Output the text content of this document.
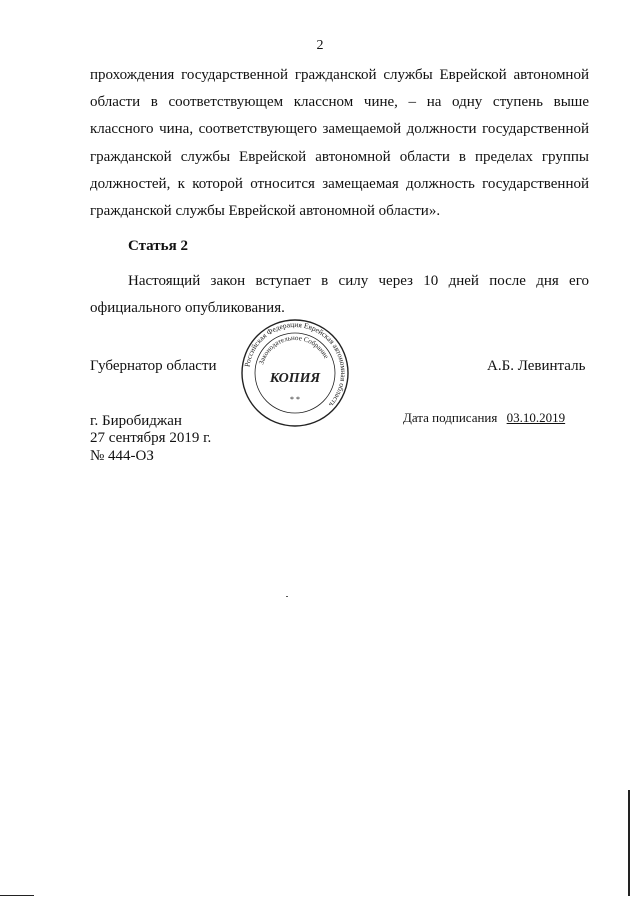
2
прохождения государственной гражданской службы Еврейской автономной области в соответствующем классном чине, – на одну ступень выше классного чина, соответствующего замещаемой должности государственной гражданской службы Еврейской автономной области в пределах группы должностей, к которой относится замещаемая должность государственной гражданской службы Еврейской автономной области».
Статья 2
Настоящий закон вступает в силу через 10 дней после дня его официального опубликования.
Губернатор области	А.Б. Левинталь
Российская Федерация Еврейская автономная область
Законодательное Собрание
КОПИЯ
* *
г. Биробиджан
27 сентября 2019 г.
№ 444-ОЗ
Дата подписания 03.10.2019
